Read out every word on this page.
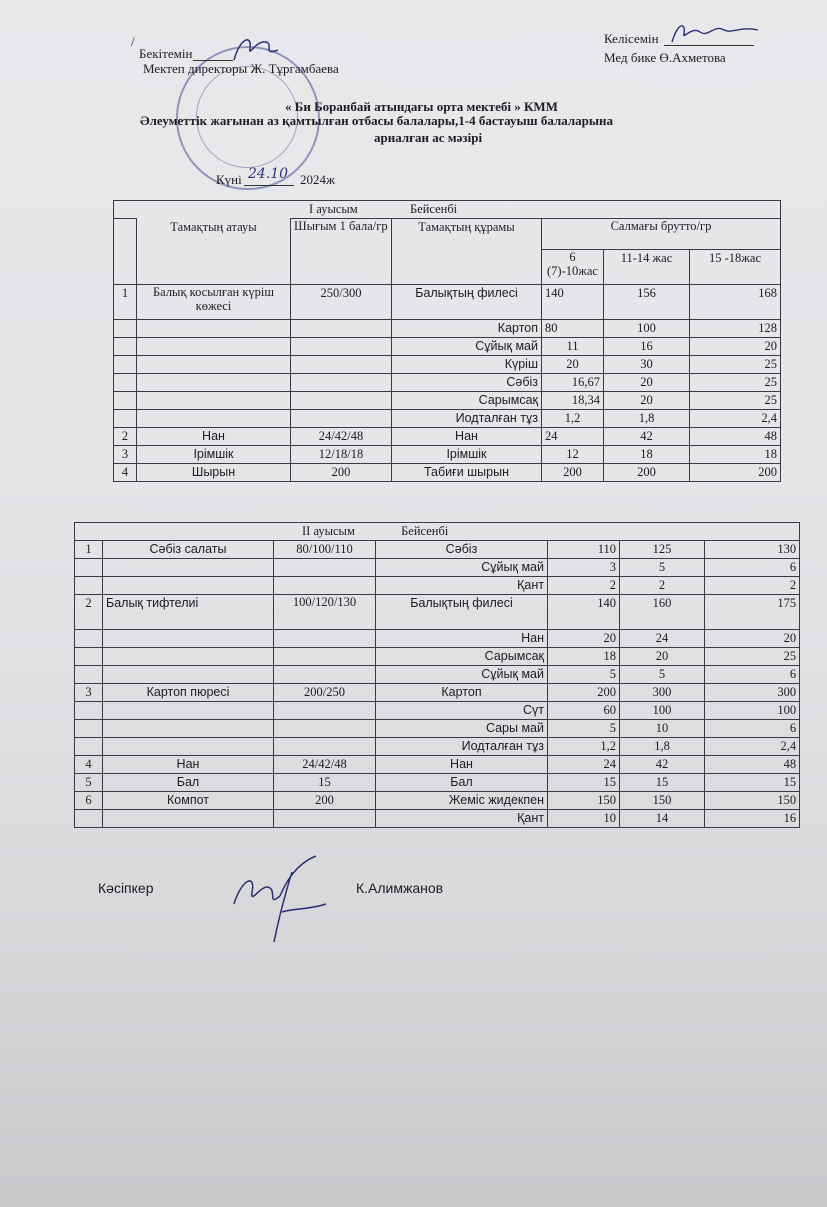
/
Бекітемін
Мектеп директоры Ж. Тұргамбаева
Келісемін
Мед бике Ө.Ахметова
« Би Боранбай атындағы орта мектебі » КММ
Әлеуметтік жағынан аз қамтылған отбасы балалары,1-4 бастауыш балаларына
арналған ас мәзірі
Күні 24.10 2024ж
I ауысым Бейсенбі						
	Тамақтың атауы	Шығым 1 бала/гр	Тамақтың құрамы	Салмағы брутто/гр		
				6 (7)-10жас	11-14 жас	15 -18жас
1	Балық косылған күріш көжесі	250/300	Балықтың филесі	140	156	168
			Картоп	80	100	128
			Сұйық май	11	16	20
			Күріш	20	30	25
			Сәбіз	16,67	20	25
			Сарымсақ	18,34	20	25
			Иодталған тұз	1,2	1,8	2,4
2	Нан	24/42/48	Нан	24	42	48
3	Ірімшік	12/18/18	Ірімшік	12	18	18
4	Шырын	200	Табиғи шырын	200	200	200
II ауысым Бейсенбі						
1	Сәбіз салаты	80/100/110	Сәбіз	110	125	130
			Сұйық май	3	5	6
			Қант	2	2	2
2	Балық тифтелиі	100/120/130	Балықтың филесі	140	160	175
			Нан	20	24	20
			Сарымсақ	18	20	25
			Сұйық май	5	5	6
3	Картоп пюресі	200/250	Картоп	200	300	300
			Сүт	60	100	100
			Сары май	5	10	6
			Иодталған тұз	1,2	1,8	2,4
4	Нан	24/42/48	Нан	24	42	48
5	Бал	15	Бал	15	15	15
6	Компот	200	Жеміс жидекпен	150	150	150
			Қант	10	14	16
Кәсіпкер	К.Алимжанов
